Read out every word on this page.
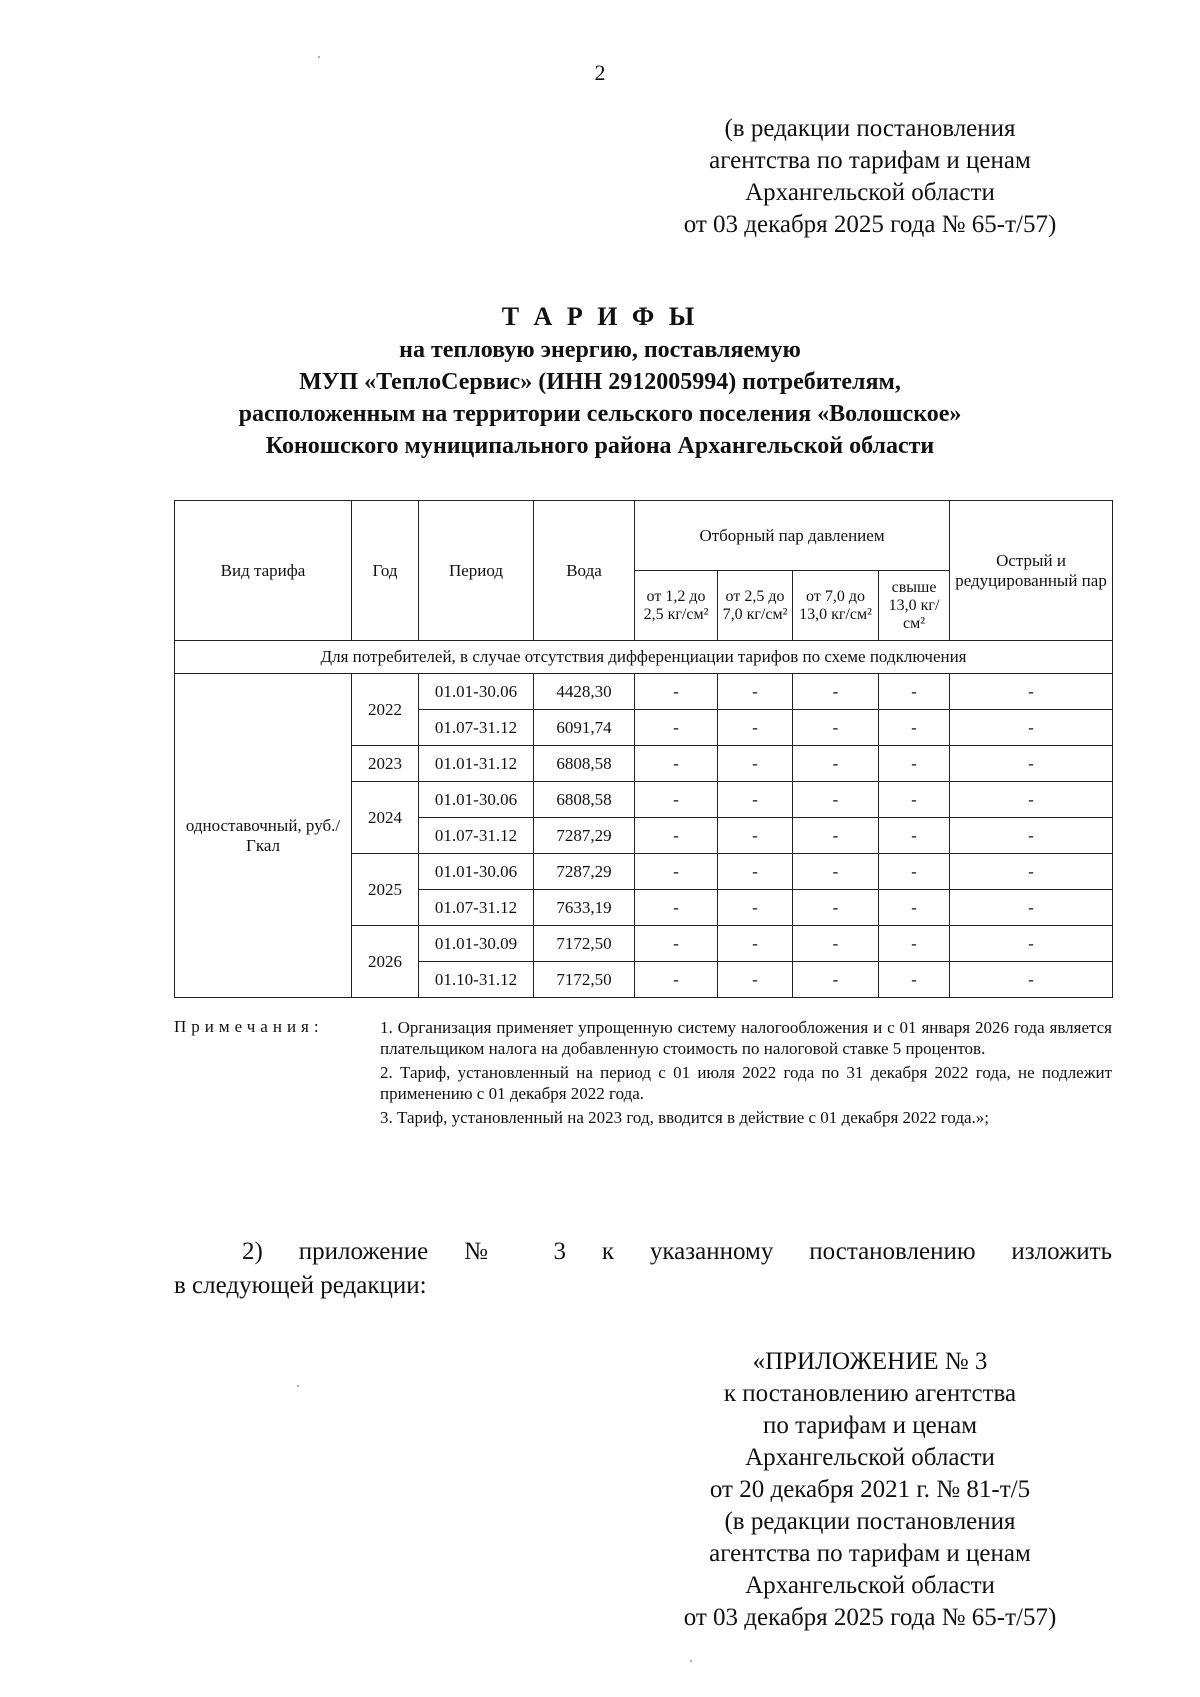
2
(в редакции постановления
агентства по тарифам и ценам
Архангельской области
от 03 декабря 2025 года № 65-т/57)
Т А Р И Ф Ы
на тепловую энергию, поставляемую
МУП «ТеплоСервис» (ИНН 2912005994) потребителям,
расположенным на территории сельского поселения «Волошское»
Коношского муниципального района Архангельской области
Вид тарифа	Год	Период	Вода	Отборный пар давлением				Острый и редуцированный пар
				от 1,2 до 2,5 кг/см²	от 2,5 до 7,0 кг/см²	от 7,0 до 13,0 кг/см²	свыше 13,0 кг/см²	
Для потребителей, в случае отсутствия дифференциации тарифов по схеме подключения								
одноставочный, руб./Гкал	2022	01.01-30.06	4428,30	-	-	-	-	-
		01.07-31.12	6091,74	-	-	-	-	-
	2023	01.01-31.12	6808,58	-	-	-	-	-
	2024	01.01-30.06	6808,58	-	-	-	-	-
		01.07-31.12	7287,29	-	-	-	-	-
	2025	01.01-30.06	7287,29	-	-	-	-	-
		01.07-31.12	7633,19	-	-	-	-	-
	2026	01.01-30.09	7172,50	-	-	-	-	-
		01.10-31.12	7172,50	-	-	-	-	-
Примечания:	1. Организация применяет упрощенную систему налогообложения и с 01 января 2026 года является плательщиком налога на добавленную стоимость по налоговой ставке 5 процентов.

2. Тариф, установленный на период с 01 июля 2022 года по 31 декабря 2022 года, не подлежит применению с 01 декабря 2022 года.

3. Тариф, установленный на 2023 год, вводится в действие с 01 декабря 2022 года.»;

2) приложение № 3 к указанному постановлению изложить
в следующей редакции:
«ПРИЛОЖЕНИЕ № 3
к постановлению агентства
по тарифам и ценам
Архангельской области
от 20 декабря 2021 г. № 81-т/5
(в редакции постановления
агентства по тарифам и ценам
Архангельской области
от 03 декабря 2025 года № 65-т/57)
